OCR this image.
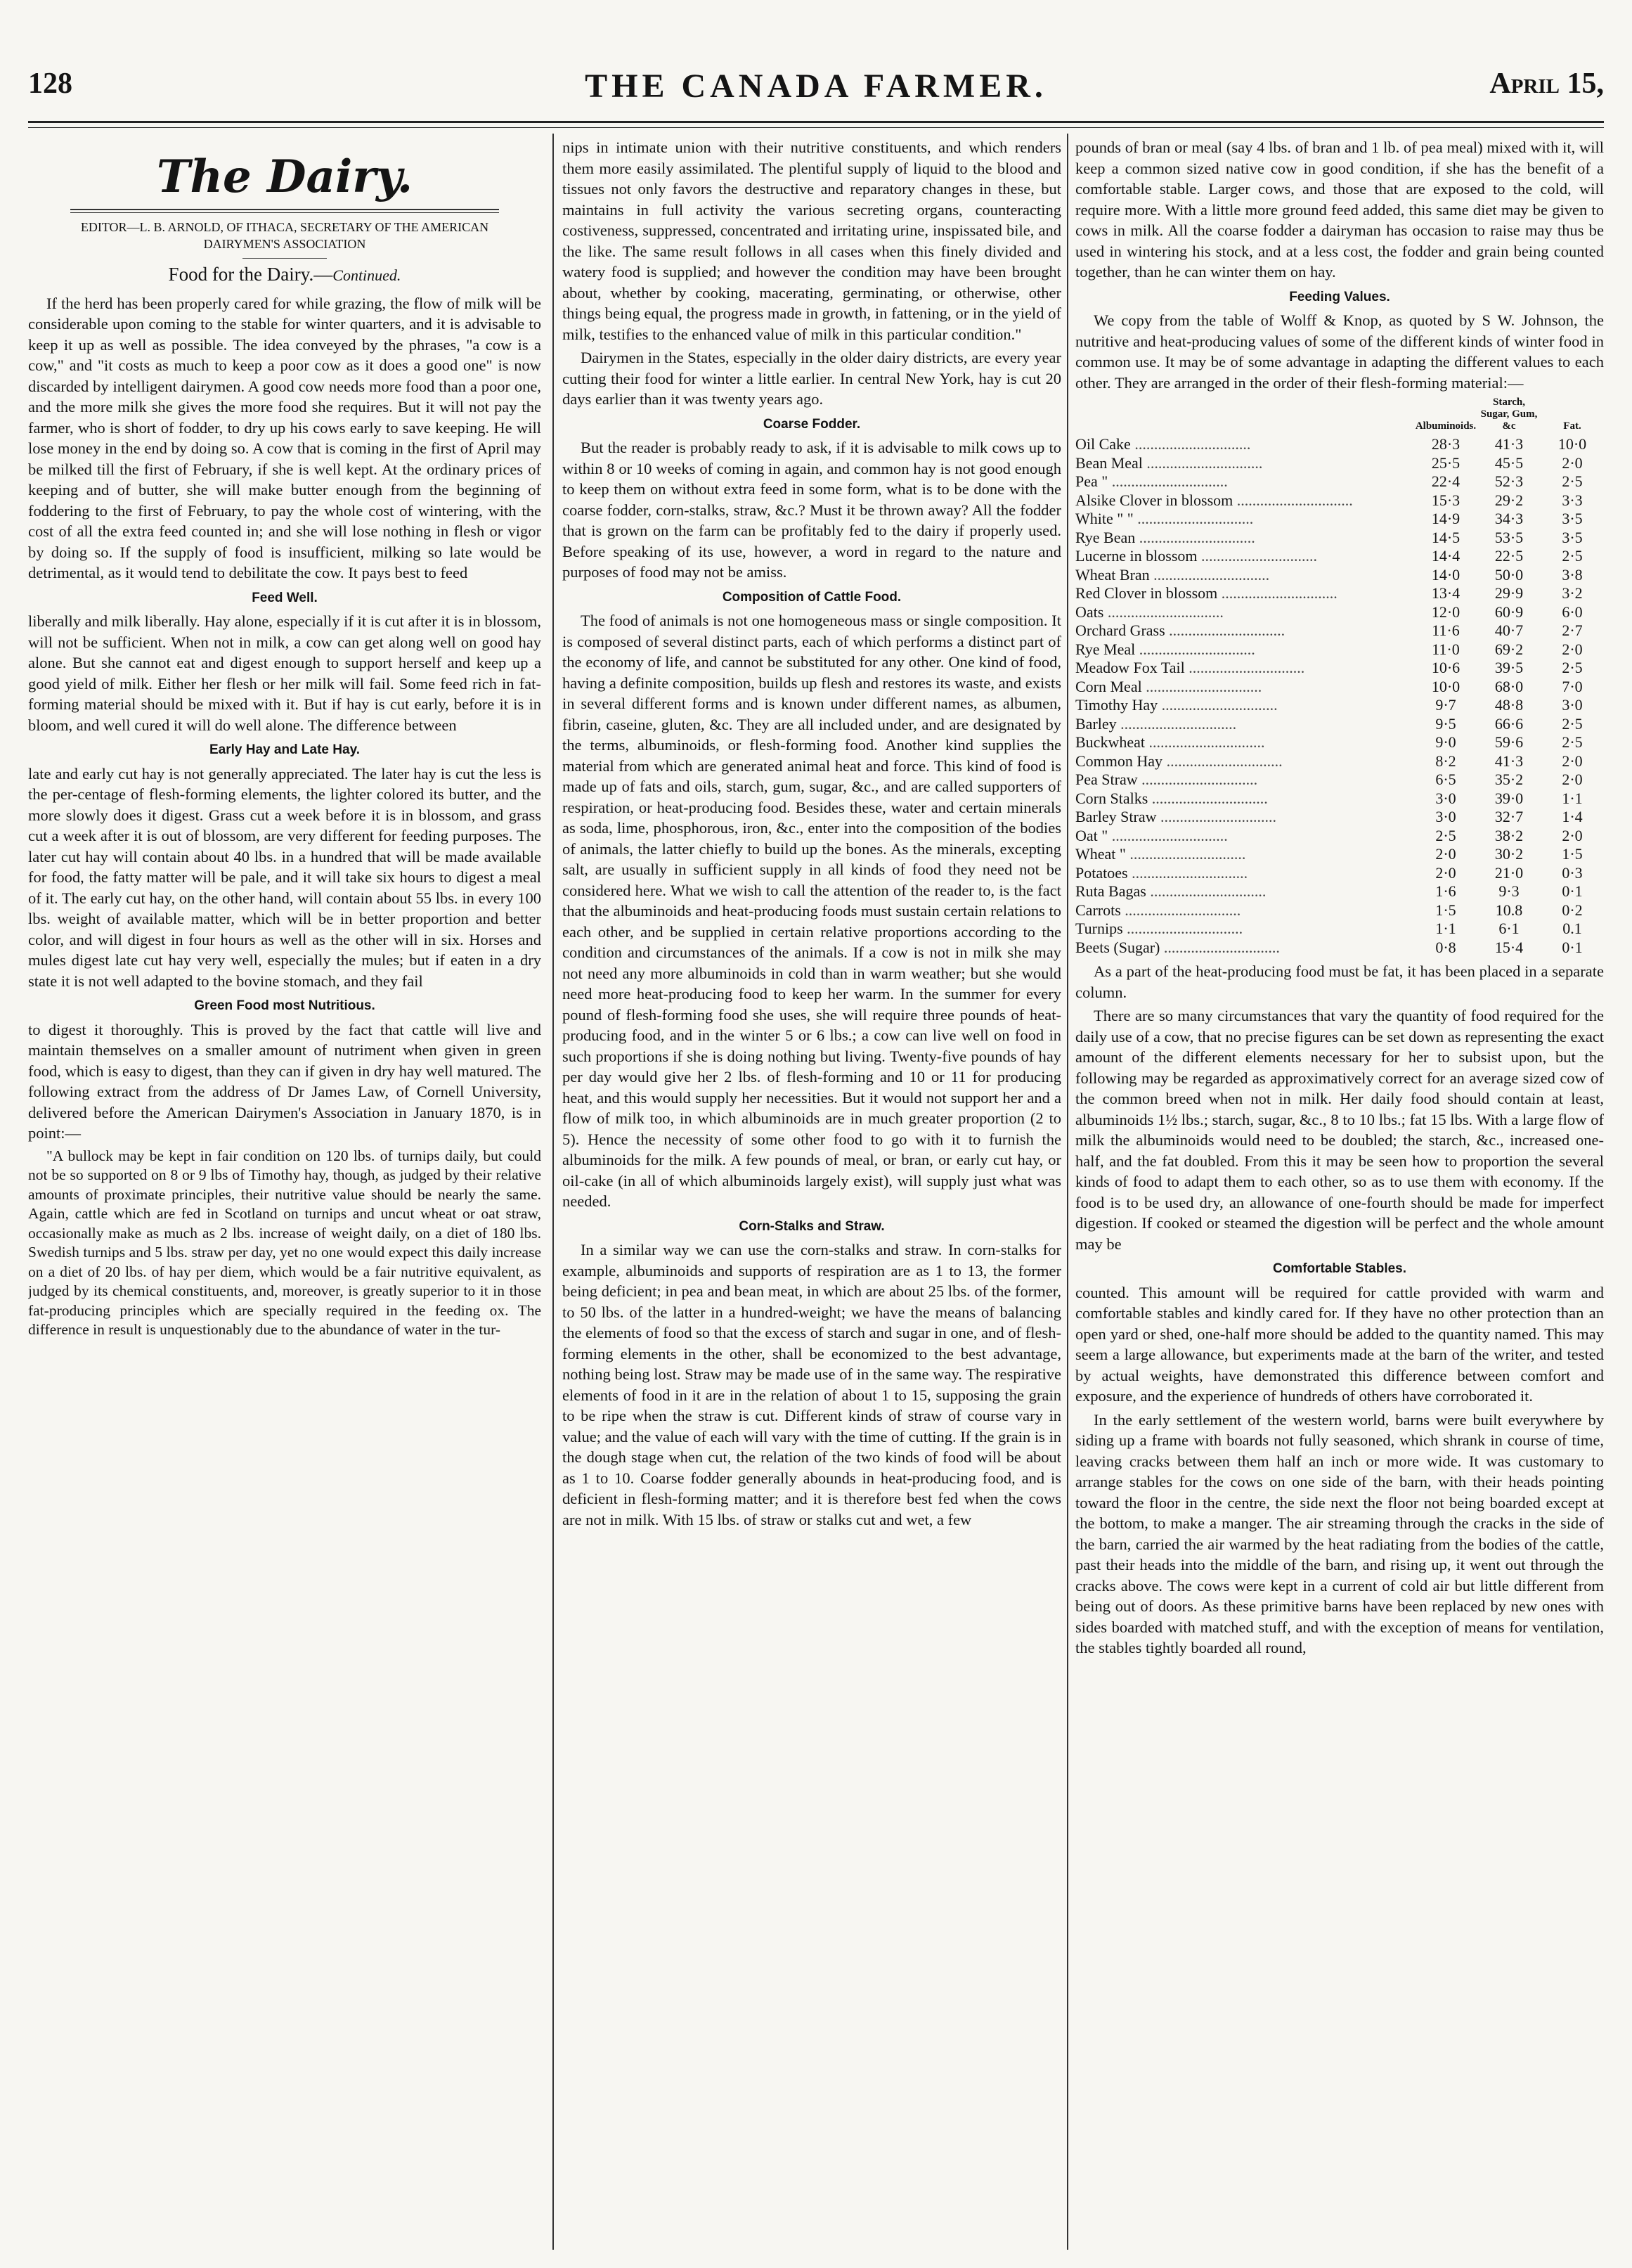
128	THE CANADA FARMER.	April 15,
The Dairy.
EDITOR—L. B. ARNOLD, OF ITHACA, SECRETARY OF THE AMERICAN DAIRYMEN'S ASSOCIATION
Food for the Dairy.—Continued.

If the herd has been properly cared for while grazing, the flow of milk will be considerable upon coming to the stable for winter quarters, and it is advisable to keep it up as well as possible. The idea conveyed by the phrases, "a cow is a cow," and "it costs as much to keep a poor cow as it does a good one" is now discarded by intelligent dairymen. A good cow needs more food than a poor one, and the more milk she gives the more food she requires. But it will not pay the farmer, who is short of fodder, to dry up his cows early to save keeping. He will lose money in the end by doing so. A cow that is coming in the first of April may be milked till the first of February, if she is well kept. At the ordinary prices of keeping and of butter, she will make butter enough from the beginning of foddering to the first of February, to pay the whole cost of wintering, with the cost of all the extra feed counted in; and she will lose nothing in flesh or vigor by doing so. If the supply of food is insufficient, milking so late would be detrimental, as it would tend to debilitate the cow. It pays best to feed

Feed Well.

liberally and milk liberally. Hay alone, especially if it is cut after it is in blossom, will not be sufficient. When not in milk, a cow can get along well on good hay alone. But she cannot eat and digest enough to support herself and keep up a good yield of milk. Either her flesh or her milk will fail. Some feed rich in fat-forming material should be mixed with it. But if hay is cut early, before it is in bloom, and well cured it will do well alone. The difference between

Early Hay and Late Hay.

late and early cut hay is not generally appreciated. The later hay is cut the less is the per-centage of flesh-forming elements, the lighter colored its butter, and the more slowly does it digest. Grass cut a week before it is in blossom, and grass cut a week after it is out of blossom, are very different for feeding purposes. The later cut hay will contain about 40 lbs. in a hundred that will be made available for food, the fatty matter will be pale, and it will take six hours to digest a meal of it. The early cut hay, on the other hand, will contain about 55 lbs. in every 100 lbs. weight of available matter, which will be in better proportion and better color, and will digest in four hours as well as the other will in six. Horses and mules digest late cut hay very well, especially the mules; but if eaten in a dry state it is not well adapted to the bovine stomach, and they fail

Green Food most Nutritious.

to digest it thoroughly. This is proved by the fact that cattle will live and maintain themselves on a smaller amount of nutriment when given in green food, which is easy to digest, than they can if given in dry hay well matured. The following extract from the address of Dr James Law, of Cornell University, delivered before the American Dairymen's Association in January 1870, is in point:—

"A bullock may be kept in fair condition on 120 lbs. of turnips daily, but could not be so supported on 8 or 9 lbs of Timothy hay, though, as judged by their relative amounts of proximate principles, their nutritive value should be nearly the same. Again, cattle which are fed in Scotland on turnips and uncut wheat or oat straw, occasionally make as much as 2 lbs. increase of weight daily, on a diet of 180 lbs. Swedish turnips and 5 lbs. straw per day, yet no one would expect this daily increase on a diet of 20 lbs. of hay per diem, which would be a fair nutritive equivalent, as judged by its chemical constituents, and, moreover, is greatly superior to it in those fat-producing principles which are specially required in the feeding ox. The difference in result is unquestionably due to the abundance of water in the tur-

nips in intimate union with their nutritive constituents, and which renders them more easily assimilated. The plentiful supply of liquid to the blood and tissues not only favors the destructive and reparatory changes in these, but maintains in full activity the various secreting organs, counteracting costiveness, suppressed, concentrated and irritating urine, inspissated bile, and the like. The same result follows in all cases when this finely divided and watery food is supplied; and however the condition may have been brought about, whether by cooking, macerating, germinating, or otherwise, other things being equal, the progress made in growth, in fattening, or in the yield of milk, testifies to the enhanced value of milk in this particular condition."

Dairymen in the States, especially in the older dairy districts, are every year cutting their food for winter a little earlier. In central New York, hay is cut 20 days earlier than it was twenty years ago.

Coarse Fodder.

But the reader is probably ready to ask, if it is advisable to milk cows up to within 8 or 10 weeks of coming in again, and common hay is not good enough to keep them on without extra feed in some form, what is to be done with the coarse fodder, corn-stalks, straw, &c.? Must it be thrown away? All the fodder that is grown on the farm can be profitably fed to the dairy if properly used. Before speaking of its use, however, a word in regard to the nature and purposes of food may not be amiss.

Composition of Cattle Food.

The food of animals is not one homogeneous mass or single composition. It is composed of several distinct parts, each of which performs a distinct part of the economy of life, and cannot be substituted for any other. One kind of food, having a definite composition, builds up flesh and restores its waste, and exists in several different forms and is known under different names, as albumen, fibrin, caseine, gluten, &c. They are all included under, and are designated by the terms, albuminoids, or flesh-forming food. Another kind supplies the material from which are generated animal heat and force. This kind of food is made up of fats and oils, starch, gum, sugar, &c., and are called supporters of respiration, or heat-producing food. Besides these, water and certain minerals as soda, lime, phosphorous, iron, &c., enter into the composition of the bodies of animals, the latter chiefly to build up the bones. As the minerals, excepting salt, are usually in sufficient supply in all kinds of food they need not be considered here. What we wish to call the attention of the reader to, is the fact that the albuminoids and heat-producing foods must sustain certain relations to each other, and be supplied in certain relative proportions according to the condition and circumstances of the animals. If a cow is not in milk she may not need any more albuminoids in cold than in warm weather; but she would need more heat-producing food to keep her warm. In the summer for every pound of flesh-forming food she uses, she will require three pounds of heat-producing food, and in the winter 5 or 6 lbs.; a cow can live well on food in such proportions if she is doing nothing but living. Twenty-five pounds of hay per day would give her 2 lbs. of flesh-forming and 10 or 11 for producing heat, and this would supply her necessities. But it would not support her and a flow of milk too, in which albuminoids are in much greater proportion (2 to 5). Hence the necessity of some other food to go with it to furnish the albuminoids for the milk. A few pounds of meal, or bran, or early cut hay, or oil-cake (in all of which albuminoids largely exist), will supply just what was needed.

Corn-Stalks and Straw.

In a similar way we can use the corn-stalks and straw. In corn-stalks for example, albuminoids and supports of respiration are as 1 to 13, the former being deficient; in pea and bean meat, in which are about 25 lbs. of the former, to 50 lbs. of the latter in a hundred-weight; we have the means of balancing the elements of food so that the excess of starch and sugar in one, and of flesh-forming elements in the other, shall be economized to the best advantage, nothing being lost. Straw may be made use of in the same way. The respirative elements of food in it are in the relation of about 1 to 15, supposing the grain to be ripe when the straw is cut. Different kinds of straw of course vary in value; and the value of each will vary with the time of cutting. If the grain is in the dough stage when cut, the relation of the two kinds of food will be about as 1 to 10. Coarse fodder generally abounds in heat-producing food, and is deficient in flesh-forming matter; and it is therefore best fed when the cows are not in milk. With 15 lbs. of straw or stalks cut and wet, a few

pounds of bran or meal (say 4 lbs. of bran and 1 lb. of pea meal) mixed with it, will keep a common sized native cow in good condition, if she has the benefit of a comfortable stable. Larger cows, and those that are exposed to the cold, will require more. With a little more ground feed added, this same diet may be given to cows in milk. All the coarse fodder a dairyman has occasion to raise may thus be used in wintering his stock, and at a less cost, the fodder and grain being counted together, than he can winter them on hay.

Feeding Values.

We copy from the table of Wolff & Knop, as quoted by S W. Johnson, the nutritive and heat-producing values of some of the different kinds of winter food in common use. It may be of some advantage in adapting the different values to each other. They are arranged in the order of their flesh-forming material:—

	Albuminoids.	Starch, Sugar, Gum, &c	Fat.
Oil Cake ..............................	28·3	41·3	10·0
Bean Meal ..............................	25·5	45·5	2·0
Pea " ..............................	22·4	52·3	2·5
Alsike Clover in blossom ..............................	15·3	29·2	3·3
White " " ..............................	14·9	34·3	3·5
Rye Bean ..............................	14·5	53·5	3·5
Lucerne in blossom ..............................	14·4	22·5	2·5
Wheat Bran ..............................	14·0	50·0	3·8
Red Clover in blossom ..............................	13·4	29·9	3·2
Oats ..............................	12·0	60·9	6·0
Orchard Grass ..............................	11·6	40·7	2·7
Rye Meal ..............................	11·0	69·2	2·0
Meadow Fox Tail ..............................	10·6	39·5	2·5
Corn Meal ..............................	10·0	68·0	7·0
Timothy Hay ..............................	9·7	48·8	3·0
Barley ..............................	9·5	66·6	2·5
Buckwheat ..............................	9·0	59·6	2·5
Common Hay ..............................	8·2	41·3	2·0
Pea Straw ..............................	6·5	35·2	2·0
Corn Stalks ..............................	3·0	39·0	1·1
Barley Straw ..............................	3·0	32·7	1·4
Oat " ..............................	2·5	38·2	2·0
Wheat " ..............................	2·0	30·2	1·5
Potatoes ..............................	2·0	21·0	0·3
Ruta Bagas ..............................	1·6	9·3	0·1
Carrots ..............................	1·5	10.8	0·2
Turnips ..............................	1·1	6·1	0.1
Beets (Sugar) ..............................	0·8	15·4	0·1

As a part of the heat-producing food must be fat, it has been placed in a separate column.

There are so many circumstances that vary the quantity of food required for the daily use of a cow, that no precise figures can be set down as representing the exact amount of the different elements necessary for her to subsist upon, but the following may be regarded as approximatively correct for an average sized cow of the common breed when not in milk. Her daily food should contain at least, albuminoids 1½ lbs.; starch, sugar, &c., 8 to 10 lbs.; fat 15 lbs. With a large flow of milk the albuminoids would need to be doubled; the starch, &c., increased one-half, and the fat doubled. From this it may be seen how to proportion the several kinds of food to adapt them to each other, so as to use them with economy. If the food is to be used dry, an allowance of one-fourth should be made for imperfect digestion. If cooked or steamed the digestion will be perfect and the whole amount may be

Comfortable Stables.

counted. This amount will be required for cattle provided with warm and comfortable stables and kindly cared for. If they have no other protection than an open yard or shed, one-half more should be added to the quantity named. This may seem a large allowance, but experiments made at the barn of the writer, and tested by actual weights, have demonstrated this difference between comfort and exposure, and the experience of hundreds of others have corroborated it.

In the early settlement of the western world, barns were built everywhere by siding up a frame with boards not fully seasoned, which shrank in course of time, leaving cracks between them half an inch or more wide. It was customary to arrange stables for the cows on one side of the barn, with their heads pointing toward the floor in the centre, the side next the floor not being boarded except at the bottom, to make a manger. The air streaming through the cracks in the side of the barn, carried the air warmed by the heat radiating from the bodies of the cattle, past their heads into the middle of the barn, and rising up, it went out through the cracks above. The cows were kept in a current of cold air but little different from being out of doors. As these primitive barns have been replaced by new ones with sides boarded with matched stuff, and with the exception of means for ventilation, the stables tightly boarded all round,
